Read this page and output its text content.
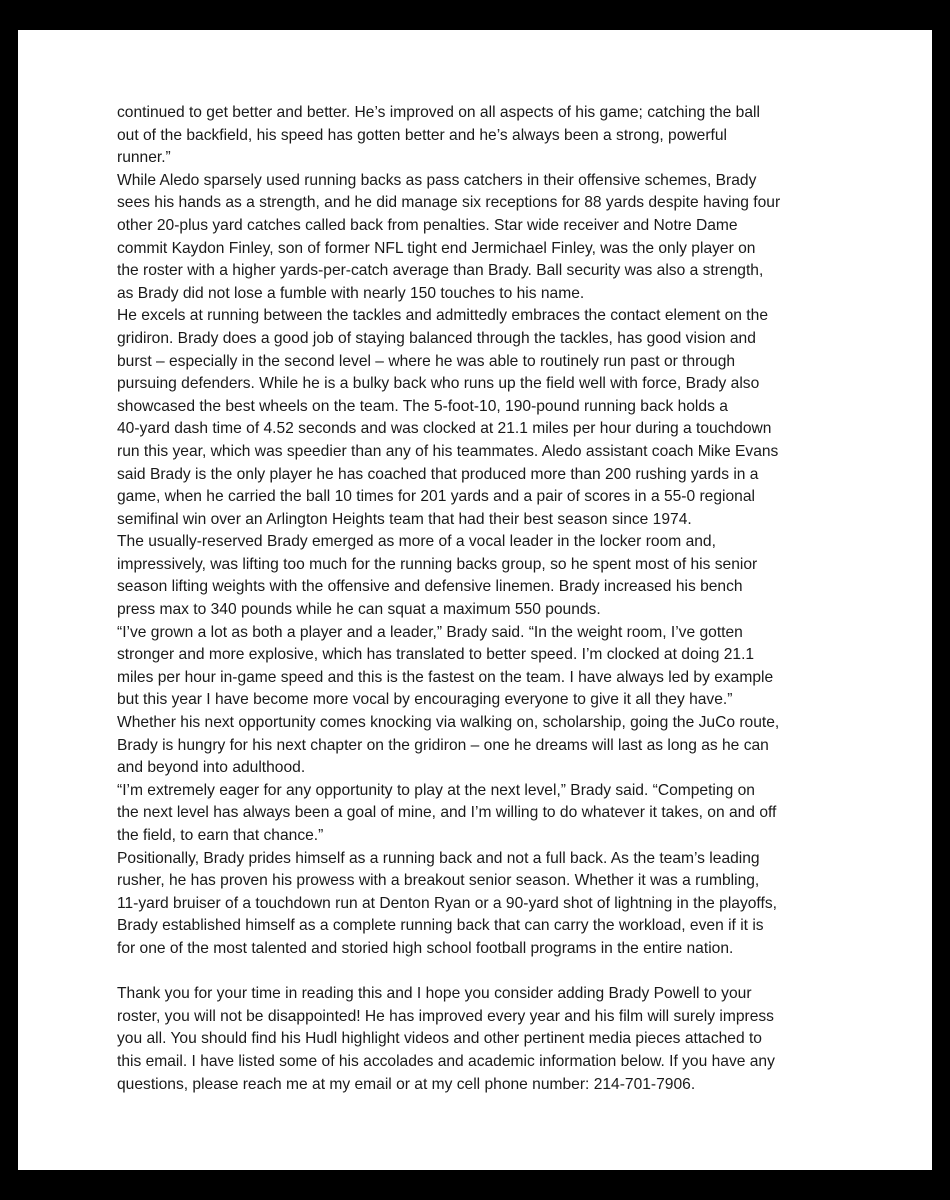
continued to get better and better. He’s improved on all aspects of his game; catching the ball
out of the backfield, his speed has gotten better and he’s always been a strong, powerful
runner.”

While Aledo sparsely used running backs as pass catchers in their offensive schemes, Brady
sees his hands as a strength, and he did manage six receptions for 88 yards despite having four
other 20-plus yard catches called back from penalties. Star wide receiver and Notre Dame
commit Kaydon Finley, son of former NFL tight end Jermichael Finley, was the only player on
the roster with a higher yards-per-catch average than Brady. Ball security was also a strength,
as Brady did not lose a fumble with nearly 150 touches to his name.

He excels at running between the tackles and admittedly embraces the contact element on the
gridiron. Brady does a good job of staying balanced through the tackles, has good vision and
burst – especially in the second level – where he was able to routinely run past or through
pursuing defenders. While he is a bulky back who runs up the field well with force, Brady also
showcased the best wheels on the team. The 5-foot-10, 190-pound running back holds a
40-yard dash time of 4.52 seconds and was clocked at 21.1 miles per hour during a touchdown
run this year, which was speedier than any of his teammates. Aledo assistant coach Mike Evans
said Brady is the only player he has coached that produced more than 200 rushing yards in a
game, when he carried the ball 10 times for 201 yards and a pair of scores in a 55-0 regional
semifinal win over an Arlington Heights team that had their best season since 1974.

The usually-reserved Brady emerged as more of a vocal leader in the locker room and,
impressively, was lifting too much for the running backs group, so he spent most of his senior
season lifting weights with the offensive and defensive linemen. Brady increased his bench
press max to 340 pounds while he can squat a maximum 550 pounds.

“I’ve grown a lot as both a player and a leader,” Brady said. “In the weight room, I’ve gotten
stronger and more explosive, which has translated to better speed. I’m clocked at doing 21.1
miles per hour in-game speed and this is the fastest on the team. I have always led by example
but this year I have become more vocal by encouraging everyone to give it all they have.”

Whether his next opportunity comes knocking via walking on, scholarship, going the JuCo route,
Brady is hungry for his next chapter on the gridiron – one he dreams will last as long as he can
and beyond into adulthood.

“I’m extremely eager for any opportunity to play at the next level,” Brady said. “Competing on
the next level has always been a goal of mine, and I’m willing to do whatever it takes, on and off
the field, to earn that chance.”

Positionally, Brady prides himself as a running back and not a full back. As the team’s leading
rusher, he has proven his prowess with a breakout senior season. Whether it was a rumbling,
11-yard bruiser of a touchdown run at Denton Ryan or a 90-yard shot of lightning in the playoffs,
Brady established himself as a complete running back that can carry the workload, even if it is
for one of the most talented and storied high school football programs in the entire nation.

Thank you for your time in reading this and I hope you consider adding Brady Powell to your
roster, you will not be disappointed! He has improved every year and his film will surely impress
you all. You should find his Hudl highlight videos and other pertinent media pieces attached to
this email. I have listed some of his accolades and academic information below. If you have any
questions, please reach me at my email or at my cell phone number: 214-701-7906.
